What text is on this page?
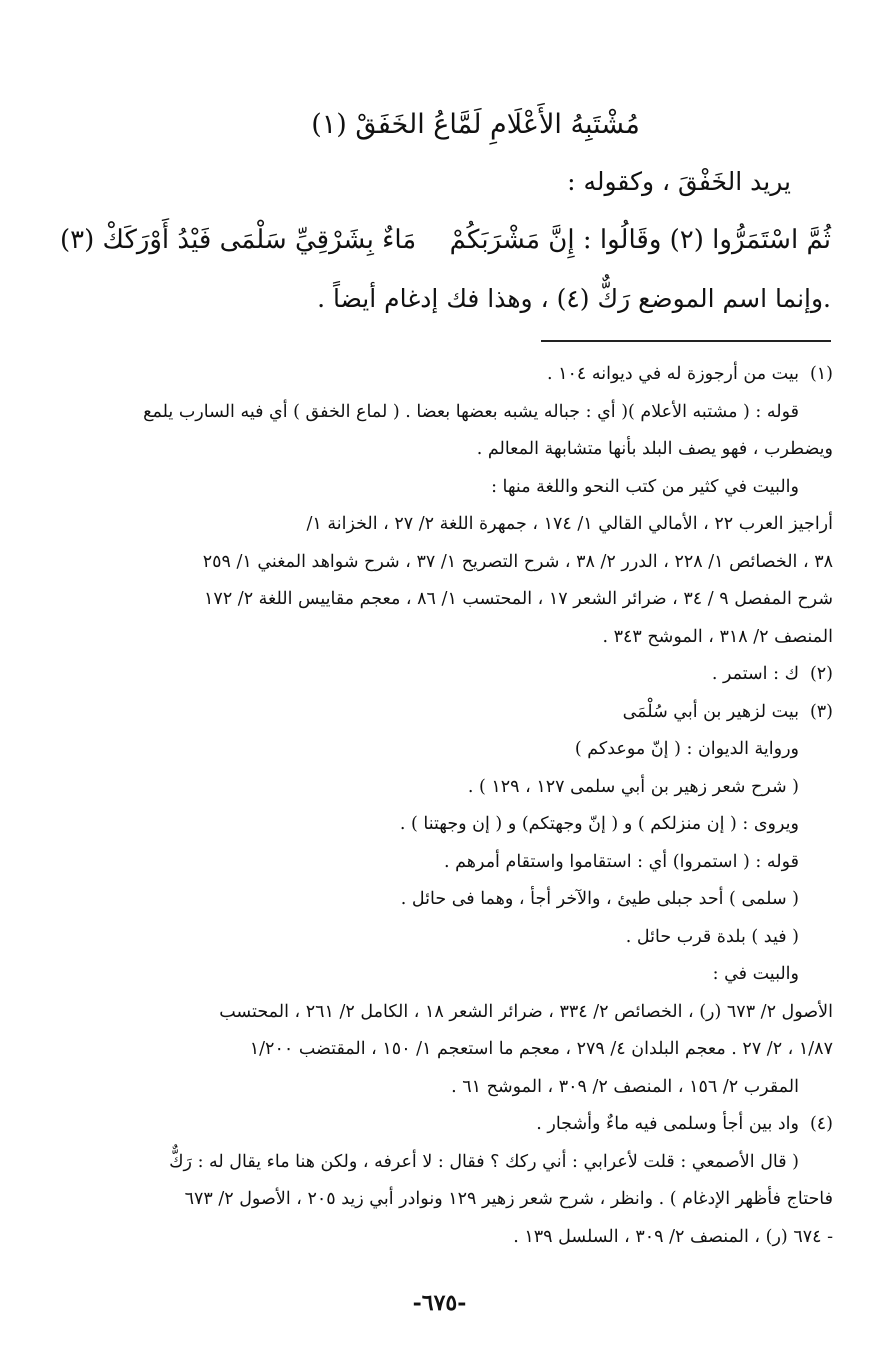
مُشْتَبِهُ الأَعْلَامِ لَمَّاعُ الخَفَقْ (١)
يريد الخَفْقَ ، وكقوله :
ثُمَّ اسْتَمَرُّوا (٢) وقَالُوا : إِنَّ مَشْرَبَكُمْ
مَاءٌ بِشَرْقِيِّ سَلْمَى فَيْدُ أَوْرَكَكْ (٣)
.وإنما اسم الموضع رَكٌّ (٤) ، وهذا فك إدغام أيضاً .
(١)
بيت من أرجوزة له في ديوانه ١٠٤ .
قوله : ( مشتبه الأعلام )( أي : جباله يشبه بعضها بعضا . ( لماع الخفق ) أي فيه السارب يلمع
ويضطرب ، فهو يصف البلد بأنها متشابهة المعالم .
والبيت في كثير من كتب النحو واللغة منها :
أراجيز العرب ٢٢ ، الأمالي القالي ١/ ١٧٤ ، جمهرة اللغة ٢/ ٢٧ ، الخزانة ١/
٣٨ ، الخصائص ١/ ٢٢٨ ، الدرر ٢/ ٣٨ ، شرح التصريح ١/ ٣٧ ، شرح شواهد المغني ١/ ٢٥٩
شرح المفصل ٩ / ٣٤ ، ضرائر الشعر ١٧ ، المحتسب ١/ ٨٦ ، معجم مقاييس اللغة ٢/ ١٧٢
المنصف ٢/ ٣١٨ ، الموشح ٣٤٣ .
(٢)
ك : استمر .
(٣)
بيت لزهير بن أبي سُلْمَى
ورواية الديوان : ( إنّ موعدكم )
( شرح شعر زهير بن أبي سلمى ١٢٧ ، ١٢٩ ) .
ويروى : ( إن منزلكم ) و ( إنّ وجهتكم) و ( إن وجهتنا ) .
قوله : ( استمروا) أي : استقاموا واستقام أمرهم .
( سلمى ) أحد جبلى طيئ ، والآخر أجأ ، وهما فى حائل .
( فيد ) بلدة قرب حائل .
والبيت في :
الأصول ٢/ ٦٧٣ (ر) ، الخصائص ٢/ ٣٣٤ ، ضرائر الشعر ١٨ ، الكامل ٢/ ٢٦١ ، المحتسب
١/٨٧ ، ٢/ ٢٧ . معجم البلدان ٤/ ٢٧٩ ، معجم ما استعجم ١/ ١٥٠ ، المقتضب ١/٢٠٠
المقرب ٢/ ١٥٦ ، المنصف ٢/ ٣٠٩ ، الموشح ٦١ .
(٤)
واد بين أجأ وسلمى فيه ماءٌ وأشجار .
( قال الأصمعي : قلت لأعرابي : أني ركك ؟ فقال : لا أعرفه ، ولكن هنا ماء يقال له : رَكٌّ
فاحتاج فأظهر الإدغام ) . وانظر ، شرح شعر زهير ١٢٩ ونوادر أبي زيد ٢٠٥ ، الأصول ٢/ ٦٧٣
- ٦٧٤ (ر) ، المنصف ٢/ ٣٠٩ ، السلسل ١٣٩ .
-٦٧٥-
